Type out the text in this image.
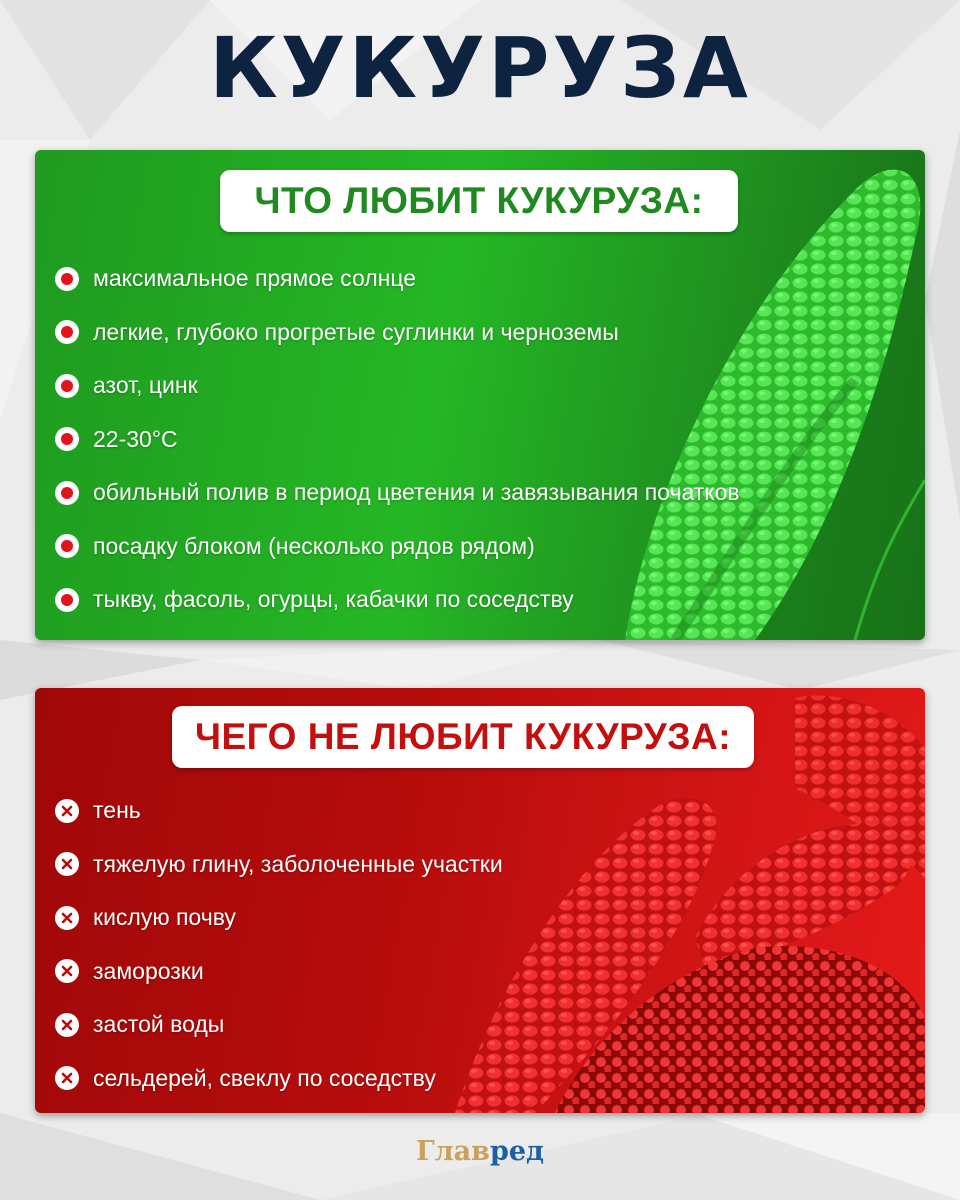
КУКУРУЗА
ЧТО ЛЮБИТ КУКУРУЗА:
максимальное прямое солнце
легкие, глубоко прогретые суглинки и черноземы
азот, цинк
22-30°C
обильный полив в период цветения и завязывания початков
посадку блоком (несколько рядов рядом)
тыкву, фасоль, огурцы, кабачки по соседству
ЧЕГО НЕ ЛЮБИТ КУКУРУЗА:
тень
тяжелую глину, заболоченные участки
кислую почву
заморозки
застой воды
сельдерей, свеклу по соседству
Главред
